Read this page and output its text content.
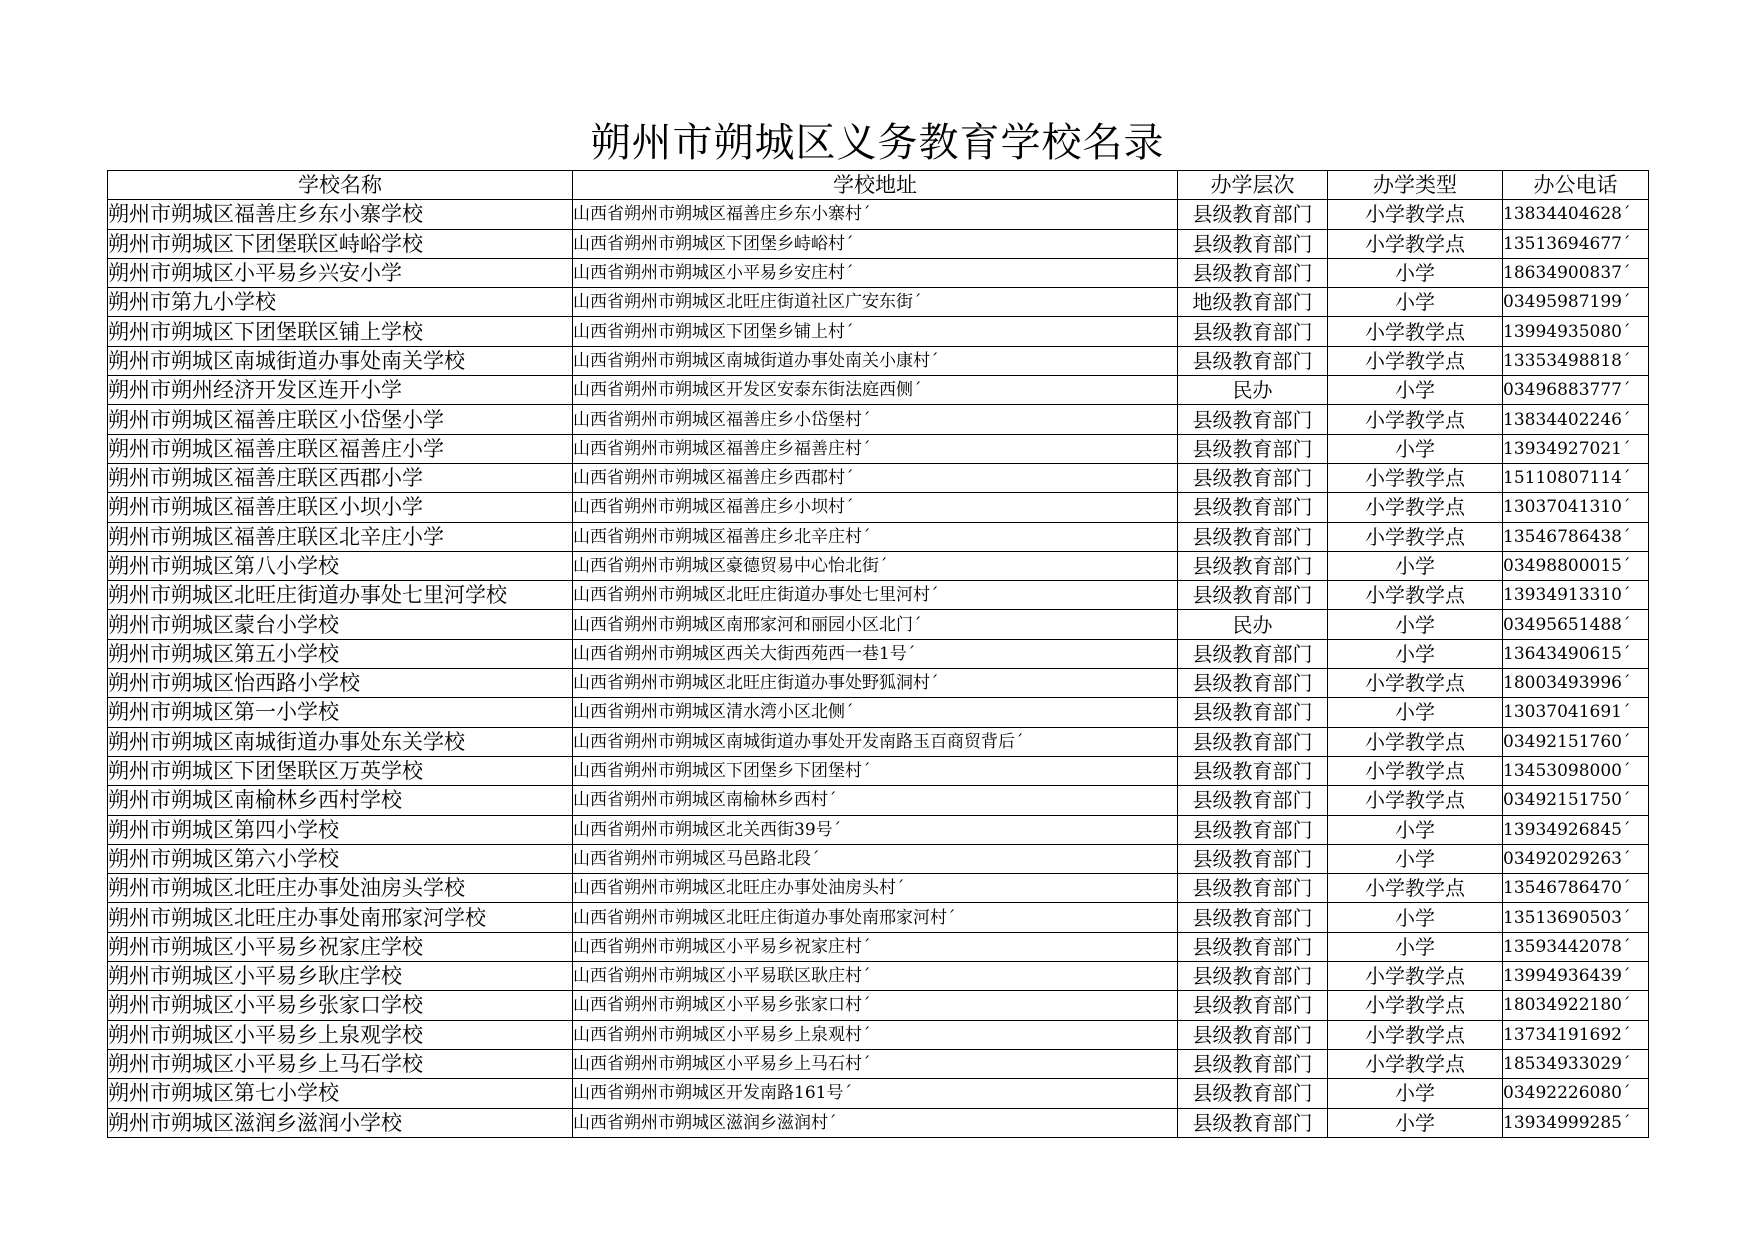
朔州市朔城区义务教育学校名录
学校名称	学校地址	办学层次	办学类型	办公电话
朔州市朔城区福善庄乡东小寨学校	山西省朔州市朔城区福善庄乡东小寨村´	县级教育部门	小学教学点	13834404628´
朔州市朔城区下团堡联区峙峪学校	山西省朔州市朔城区下团堡乡峙峪村´	县级教育部门	小学教学点	13513694677´
朔州市朔城区小平易乡兴安小学	山西省朔州市朔城区小平易乡安庄村´	县级教育部门	小学	18634900837´
朔州市第九小学校	山西省朔州市朔城区北旺庄街道社区广安东街´	地级教育部门	小学	03495987199´
朔州市朔城区下团堡联区铺上学校	山西省朔州市朔城区下团堡乡铺上村´	县级教育部门	小学教学点	13994935080´
朔州市朔城区南城街道办事处南关学校	山西省朔州市朔城区南城街道办事处南关小康村´	县级教育部门	小学教学点	13353498818´
朔州市朔州经济开发区连开小学	山西省朔州市朔城区开发区安泰东街法庭西侧´	民办	小学	03496883777´
朔州市朔城区福善庄联区小岱堡小学	山西省朔州市朔城区福善庄乡小岱堡村´	县级教育部门	小学教学点	13834402246´
朔州市朔城区福善庄联区福善庄小学	山西省朔州市朔城区福善庄乡福善庄村´	县级教育部门	小学	13934927021´
朔州市朔城区福善庄联区西郡小学	山西省朔州市朔城区福善庄乡西郡村´	县级教育部门	小学教学点	15110807114´
朔州市朔城区福善庄联区小坝小学	山西省朔州市朔城区福善庄乡小坝村´	县级教育部门	小学教学点	13037041310´
朔州市朔城区福善庄联区北辛庄小学	山西省朔州市朔城区福善庄乡北辛庄村´	县级教育部门	小学教学点	13546786438´
朔州市朔城区第八小学校	山西省朔州市朔城区豪德贸易中心怡北街´	县级教育部门	小学	03498800015´
朔州市朔城区北旺庄街道办事处七里河学校	山西省朔州市朔城区北旺庄街道办事处七里河村´	县级教育部门	小学教学点	13934913310´
朔州市朔城区蒙台小学校	山西省朔州市朔城区南邢家河和丽园小区北门´	民办	小学	03495651488´
朔州市朔城区第五小学校	山西省朔州市朔城区西关大街西苑西一巷1号´	县级教育部门	小学	13643490615´
朔州市朔城区怡西路小学校	山西省朔州市朔城区北旺庄街道办事处野狐洞村´	县级教育部门	小学教学点	18003493996´
朔州市朔城区第一小学校	山西省朔州市朔城区清水湾小区北侧´	县级教育部门	小学	13037041691´
朔州市朔城区南城街道办事处东关学校	山西省朔州市朔城区南城街道办事处开发南路玉百商贸背后´	县级教育部门	小学教学点	03492151760´
朔州市朔城区下团堡联区万英学校	山西省朔州市朔城区下团堡乡下团堡村´	县级教育部门	小学教学点	13453098000´
朔州市朔城区南榆林乡西村学校	山西省朔州市朔城区南榆林乡西村´	县级教育部门	小学教学点	03492151750´
朔州市朔城区第四小学校	山西省朔州市朔城区北关西街39号´	县级教育部门	小学	13934926845´
朔州市朔城区第六小学校	山西省朔州市朔城区马邑路北段´	县级教育部门	小学	03492029263´
朔州市朔城区北旺庄办事处油房头学校	山西省朔州市朔城区北旺庄办事处油房头村´	县级教育部门	小学教学点	13546786470´
朔州市朔城区北旺庄办事处南邢家河学校	山西省朔州市朔城区北旺庄街道办事处南邢家河村´	县级教育部门	小学	13513690503´
朔州市朔城区小平易乡祝家庄学校	山西省朔州市朔城区小平易乡祝家庄村´	县级教育部门	小学	13593442078´
朔州市朔城区小平易乡耿庄学校	山西省朔州市朔城区小平易联区耿庄村´	县级教育部门	小学教学点	13994936439´
朔州市朔城区小平易乡张家口学校	山西省朔州市朔城区小平易乡张家口村´	县级教育部门	小学教学点	18034922180´
朔州市朔城区小平易乡上泉观学校	山西省朔州市朔城区小平易乡上泉观村´	县级教育部门	小学教学点	13734191692´
朔州市朔城区小平易乡上马石学校	山西省朔州市朔城区小平易乡上马石村´	县级教育部门	小学教学点	18534933029´
朔州市朔城区第七小学校	山西省朔州市朔城区开发南路161号´	县级教育部门	小学	03492226080´
朔州市朔城区滋润乡滋润小学校	山西省朔州市朔城区滋润乡滋润村´	县级教育部门	小学	13934999285´
